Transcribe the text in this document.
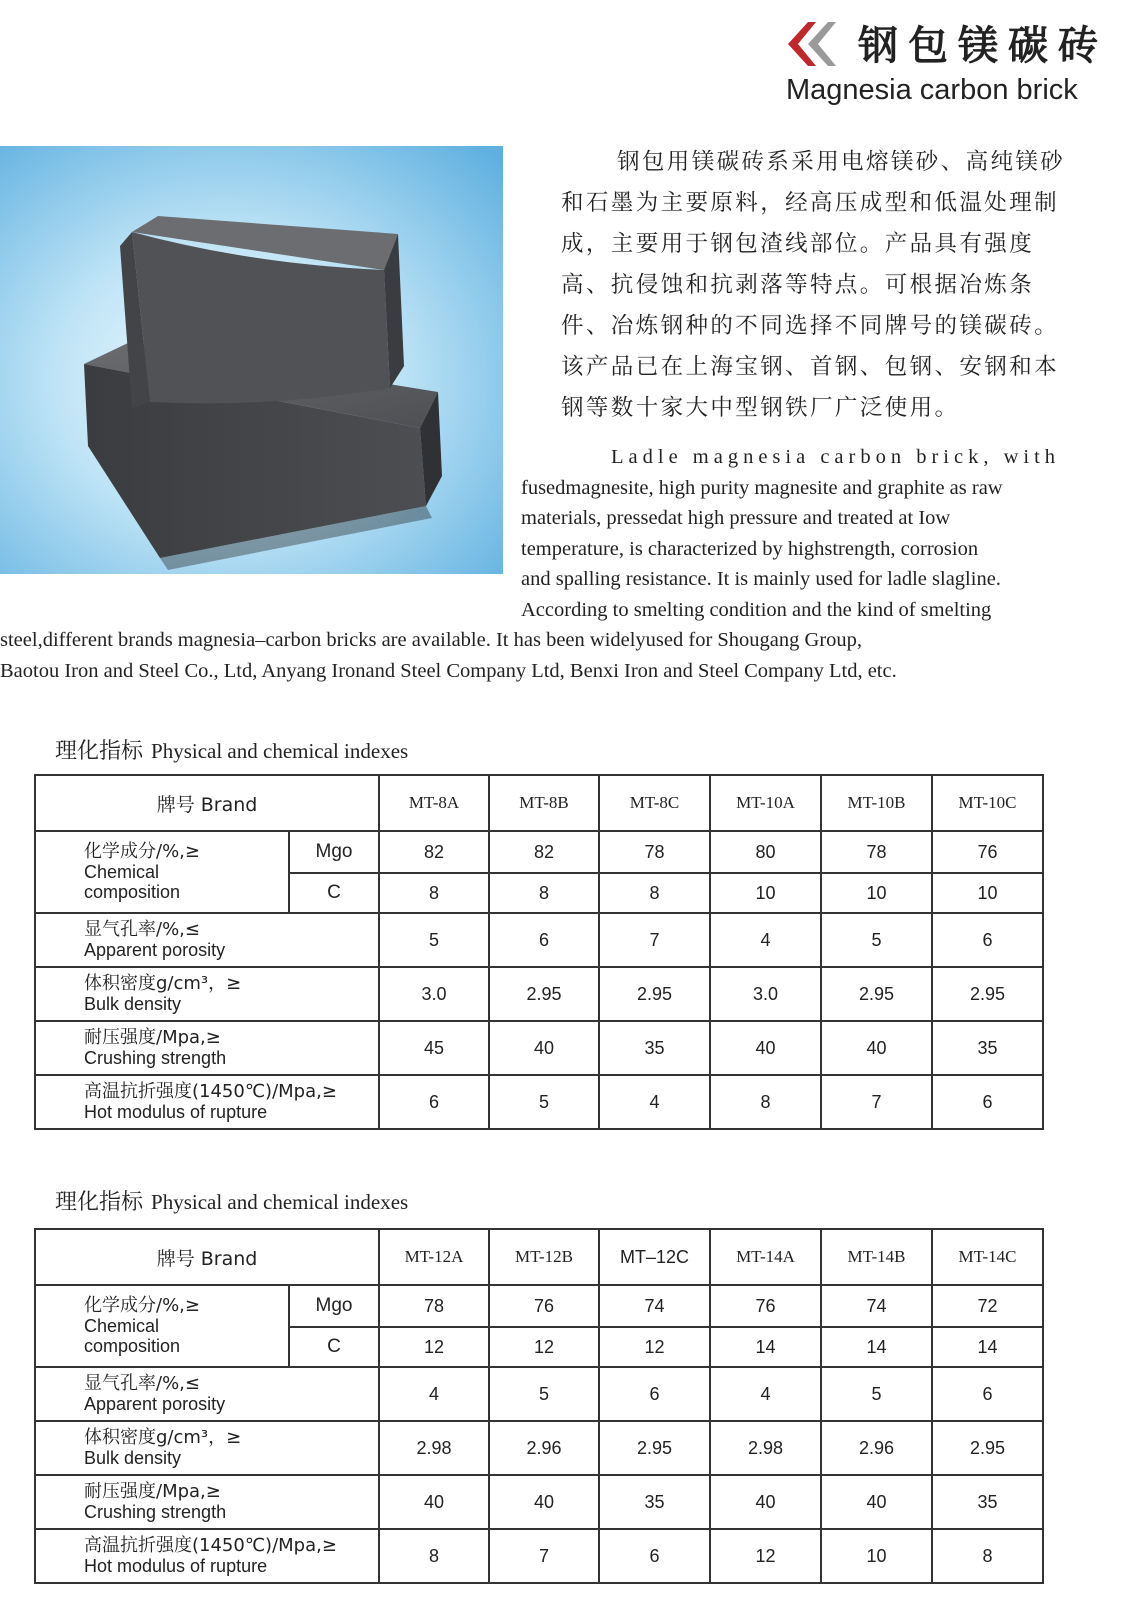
钢包镁碳砖
Magnesia carbon brick
钢包用镁碳砖系采用电熔镁砂、高纯镁砂
和石墨为主要原料，经高压成型和低温处理制
成，主要用于钢包渣线部位。产品具有强度
高、抗侵蚀和抗剥落等特点。可根据冶炼条
件、冶炼钢种的不同选择不同牌号的镁碳砖。
该产品已在上海宝钢、首钢、包钢、安钢和本
钢等数十家大中型钢铁厂广泛使用。
Ladle magnesia carbon brick, with
fusedmagnesite, high purity magnesite and graphite as raw
materials, pressedat high pressure and treated at Iow
temperature, is characterized by highstrength, corrosion
and spalling resistance. It is mainly used for ladle slagline.
According to smelting condition and the kind of smelting
steel,different brands magnesia–carbon bricks are available. It has been widelyused for Shougang Group,
Baotou Iron and Steel Co., Ltd, Anyang Ironand Steel Company Ltd, Benxi Iron and Steel Company Ltd, etc.
理化指标 Physical and chemical indexes
牌号 Brand		MT-8A	MT-8B	MT-8C	MT-10A	MT-10B	MT-10C

化学成分/%,≥
Chemical
composition	Mgo	82	82	78	80	78	76
	C	8	8	8	10	10	10

显气孔率/%,≤
Apparent porosity		5	6	7	4	5	6

体积密度g/cm³，≥
Bulk density		3.0	2.95	2.95	3.0	2.95	2.95

耐压强度/Mpa,≥
Crushing strength		45	40	35	40	40	35

高温抗折强度(1450℃)/Mpa,≥
Hot modulus of rupture		6	5	4	8	7	6
理化指标 Physical and chemical indexes
牌号 Brand		MT-12A	MT-12B	MT–12C	MT-14A	MT-14B	MT-14C

化学成分/%,≥
Chemical
composition	Mgo	78	76	74	76	74	72
	C	12	12	12	14	14	14

显气孔率/%,≤
Apparent porosity		4	5	6	4	5	6

体积密度g/cm³，≥
Bulk density		2.98	2.96	2.95	2.98	2.96	2.95

耐压强度/Mpa,≥
Crushing strength		40	40	35	40	40	35

高温抗折强度(1450℃)/Mpa,≥
Hot modulus of rupture		8	7	6	12	10	8
